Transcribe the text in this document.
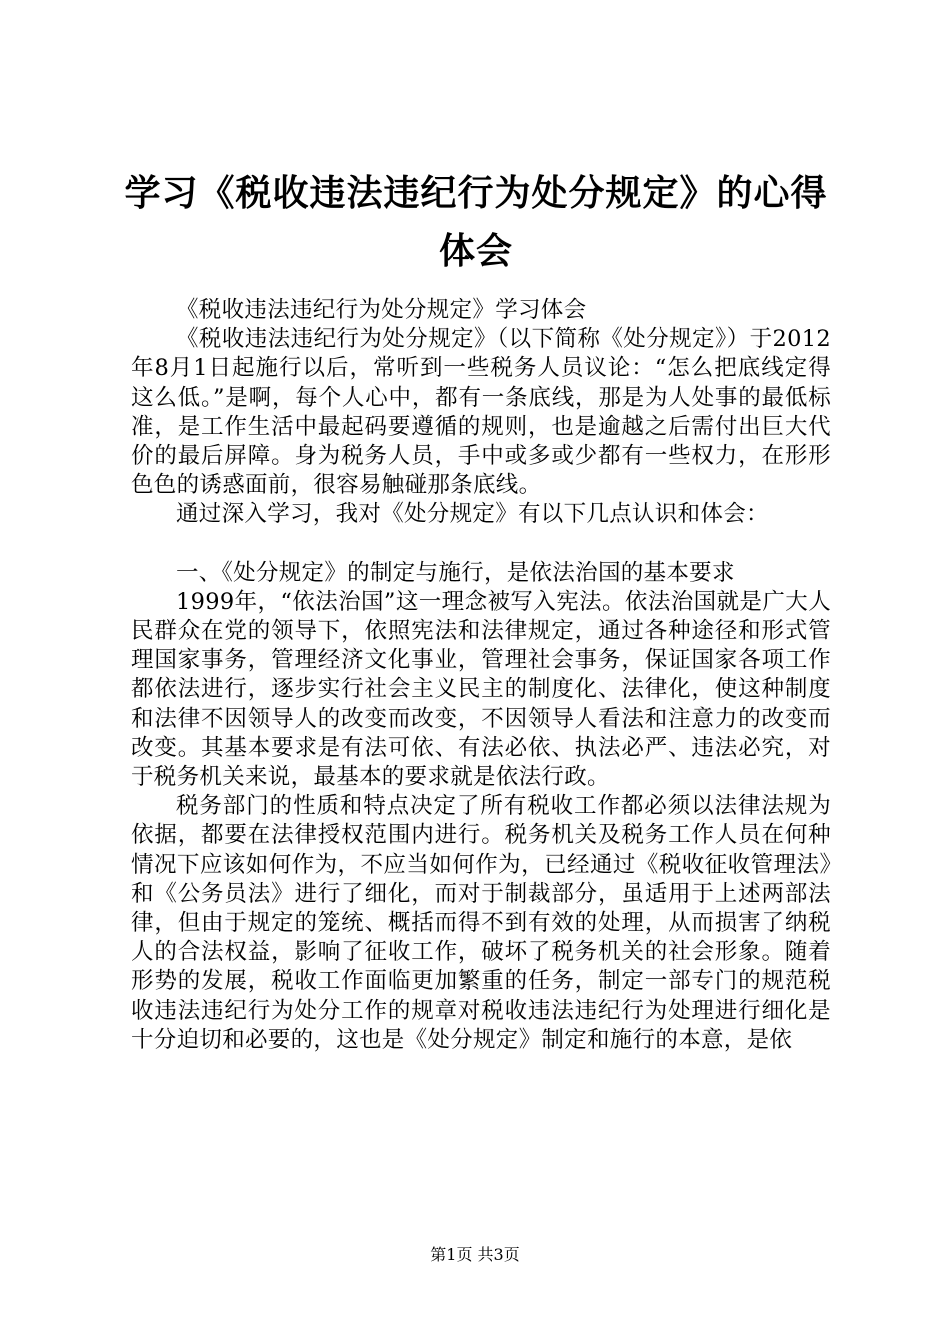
学习《税收违法违纪行为处分规定》的心得体会

《税收违法违纪行为处分规定》学习体会

《税收违法违纪行为处分规定》（以下简称《处分规定》）于2012年8月1日起施行以后，常听到一些税务人员议论：“怎么把底线定得这么低。”是啊，每个人心中，都有一条底线，那是为人处事的最低标准，是工作生活中最起码要遵循的规则，也是逾越之后需付出巨大代价的最后屏障。身为税务人员，手中或多或少都有一些权力，在形形色色的诱惑面前，很容易触碰那条底线。

通过深入学习，我对《处分规定》有以下几点认识和体会：

一、《处分规定》的制定与施行，是依法治国的基本要求

1999年，“依法治国”这一理念被写入宪法。依法治国就是广大人民群众在党的领导下，依照宪法和法律规定，通过各种途径和形式管理国家事务，管理经济文化事业，管理社会事务，保证国家各项工作都依法进行，逐步实行社会主义民主的制度化、法律化，使这种制度和法律不因领导人的改变而改变，不因领导人看法和注意力的改变而改变。其基本要求是有法可依、有法必依、执法必严、违法必究，对于税务机关来说，最基本的要求就是依法行政。

税务部门的性质和特点决定了所有税收工作都必须以法律法规为依据，都要在法律授权范围内进行。税务机关及税务工作人员在何种情况下应该如何作为，不应当如何作为，已经通过《税收征收管理法》和《公务员法》进行了细化，而对于制裁部分，虽适用于上述两部法律，但由于规定的笼统、概括而得不到有效的处理，从而损害了纳税人的合法权益，影响了征收工作，破坏了税务机关的社会形象。随着形势的发展，税收工作面临更加繁重的任务，制定一部专门的规范税收违法违纪行为处分工作的规章对税收违法违纪行为处理进行细化是十分迫切和必要的，这也是《处分规定》制定和施行的本意，是依

第1页 共3页
